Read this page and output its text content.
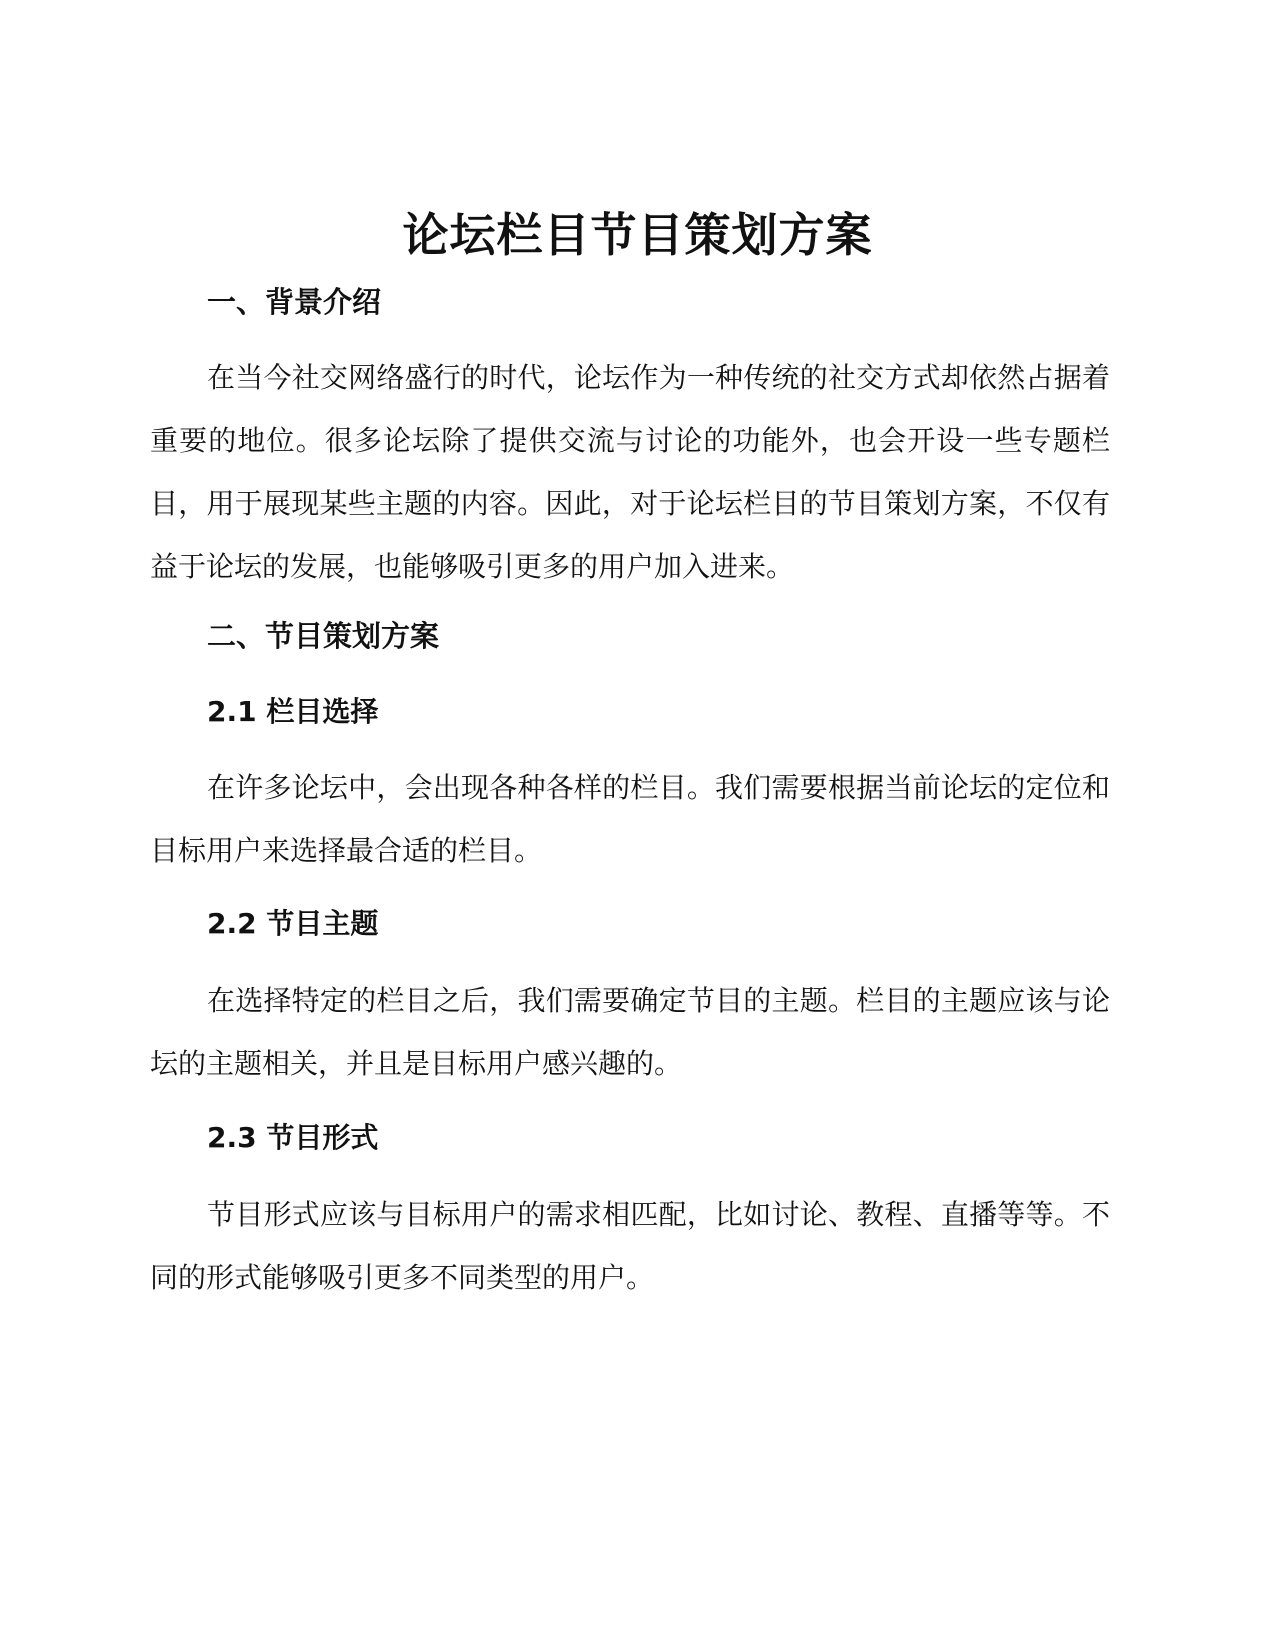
论坛栏目节目策划方案
一、背景介绍

在当今社交网络盛行的时代，论坛作为一种传统的社交方式却依然占据着重要的地位。很多论坛除了提供交流与讨论的功能外，也会开设一些专题栏目，用于展现某些主题的内容。因此，对于论坛栏目的节目策划方案，不仅有益于论坛的发展，也能够吸引更多的用户加入进来。

二、节目策划方案
2.1 栏目选择

在许多论坛中，会出现各种各样的栏目。我们需要根据当前论坛的定位和目标用户来选择最合适的栏目。

2.2 节目主题

在选择特定的栏目之后，我们需要确定节目的主题。栏目的主题应该与论坛的主题相关，并且是目标用户感兴趣的。

2.3 节目形式

节目形式应该与目标用户的需求相匹配，比如讨论、教程、直播等等。不同的形式能够吸引更多不同类型的用户。
